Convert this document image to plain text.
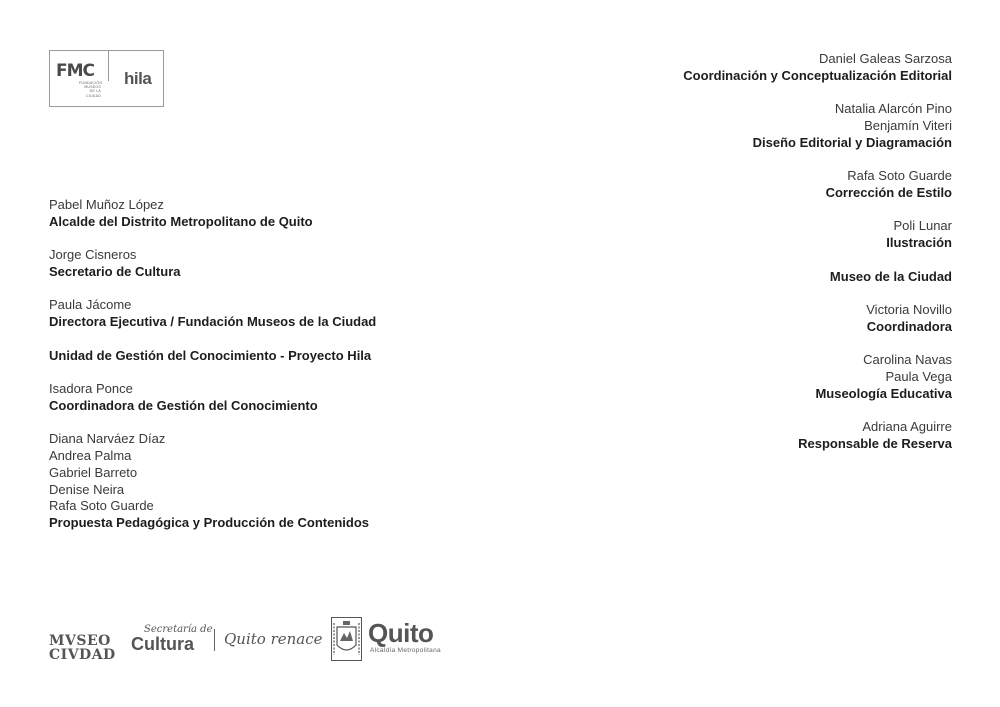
FMC
FUNDACIÓN MUSEOS DE LA CIUDAD
hila
Pabel Muñoz López
Alcalde del Distrito Metropolitano de Quito
Jorge Cisneros
Secretario de Cultura
Paula Jácome
Directora Ejecutiva / Fundación Museos de la Ciudad
Unidad de Gestión del Conocimiento - Proyecto Hila
Isadora Ponce
Coordinadora de Gestión del Conocimiento
Diana Narváez Díaz
Andrea Palma
Gabriel Barreto
Denise Neira
Rafa Soto Guarde
Propuesta Pedagógica y Producción de Contenidos
Daniel Galeas Sarzosa
Coordinación y Conceptualización Editorial
Natalia Alarcón Pino
Benjamín Viteri
Diseño Editorial y Diagramación
Rafa Soto Guarde
Corrección de Estilo
Poli Lunar
Ilustración
Museo de la Ciudad
Victoria Novillo
Coordinadora
Carolina Navas
Paula Vega
Museología Educativa
Adriana Aguirre
Responsable de Reserva
MVSEO
CIVDAD
Secretaría de
Cultura Quito renace Quito
Alcaldía Metropolitana
